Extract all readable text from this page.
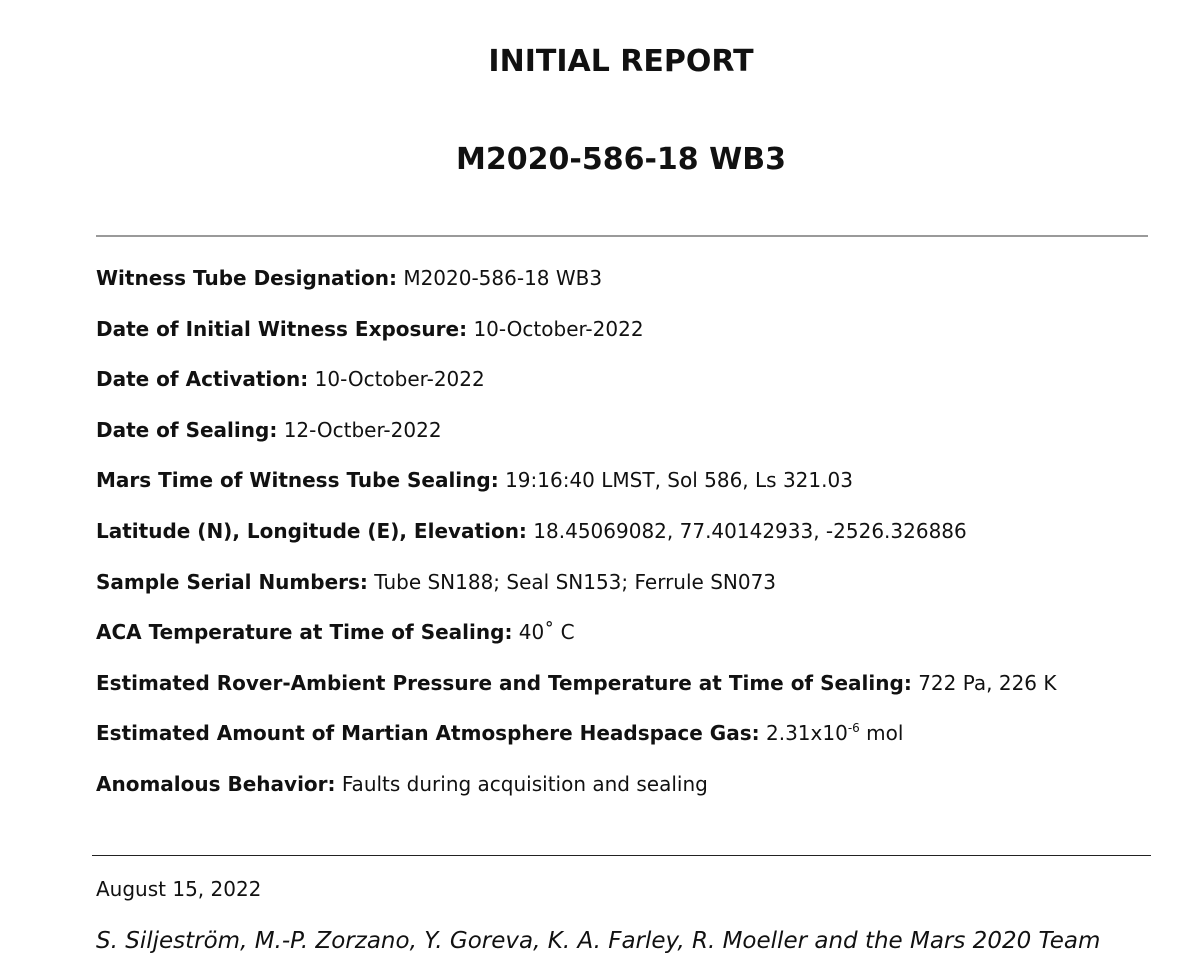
INITIAL REPORT
M2020-586-18 WB3
Witness Tube Designation: M2020-586-18 WB3
Date of Initial Witness Exposure: 10-October-2022
Date of Activation: 10-October-2022
Date of Sealing: 12-Octber-2022
Mars Time of Witness Tube Sealing: 19:16:40 LMST, Sol 586, Ls 321.03
Latitude (N), Longitude (E), Elevation: 18.45069082, 77.40142933, -2526.326886
Sample Serial Numbers: Tube SN188; Seal SN153; Ferrule SN073
ACA Temperature at Time of Sealing: 40˚ C
Estimated Rover-Ambient Pressure and Temperature at Time of Sealing: 722 Pa, 226 K
Estimated Amount of Martian Atmosphere Headspace Gas: $2.31x10^{-6}$ mol
Anomalous Behavior: Faults during acquisition and sealing
August 15, 2022
S. Siljeström, M.-P. Zorzano, Y. Goreva, K. A. Farley, R. Moeller and the Mars 2020 Team
